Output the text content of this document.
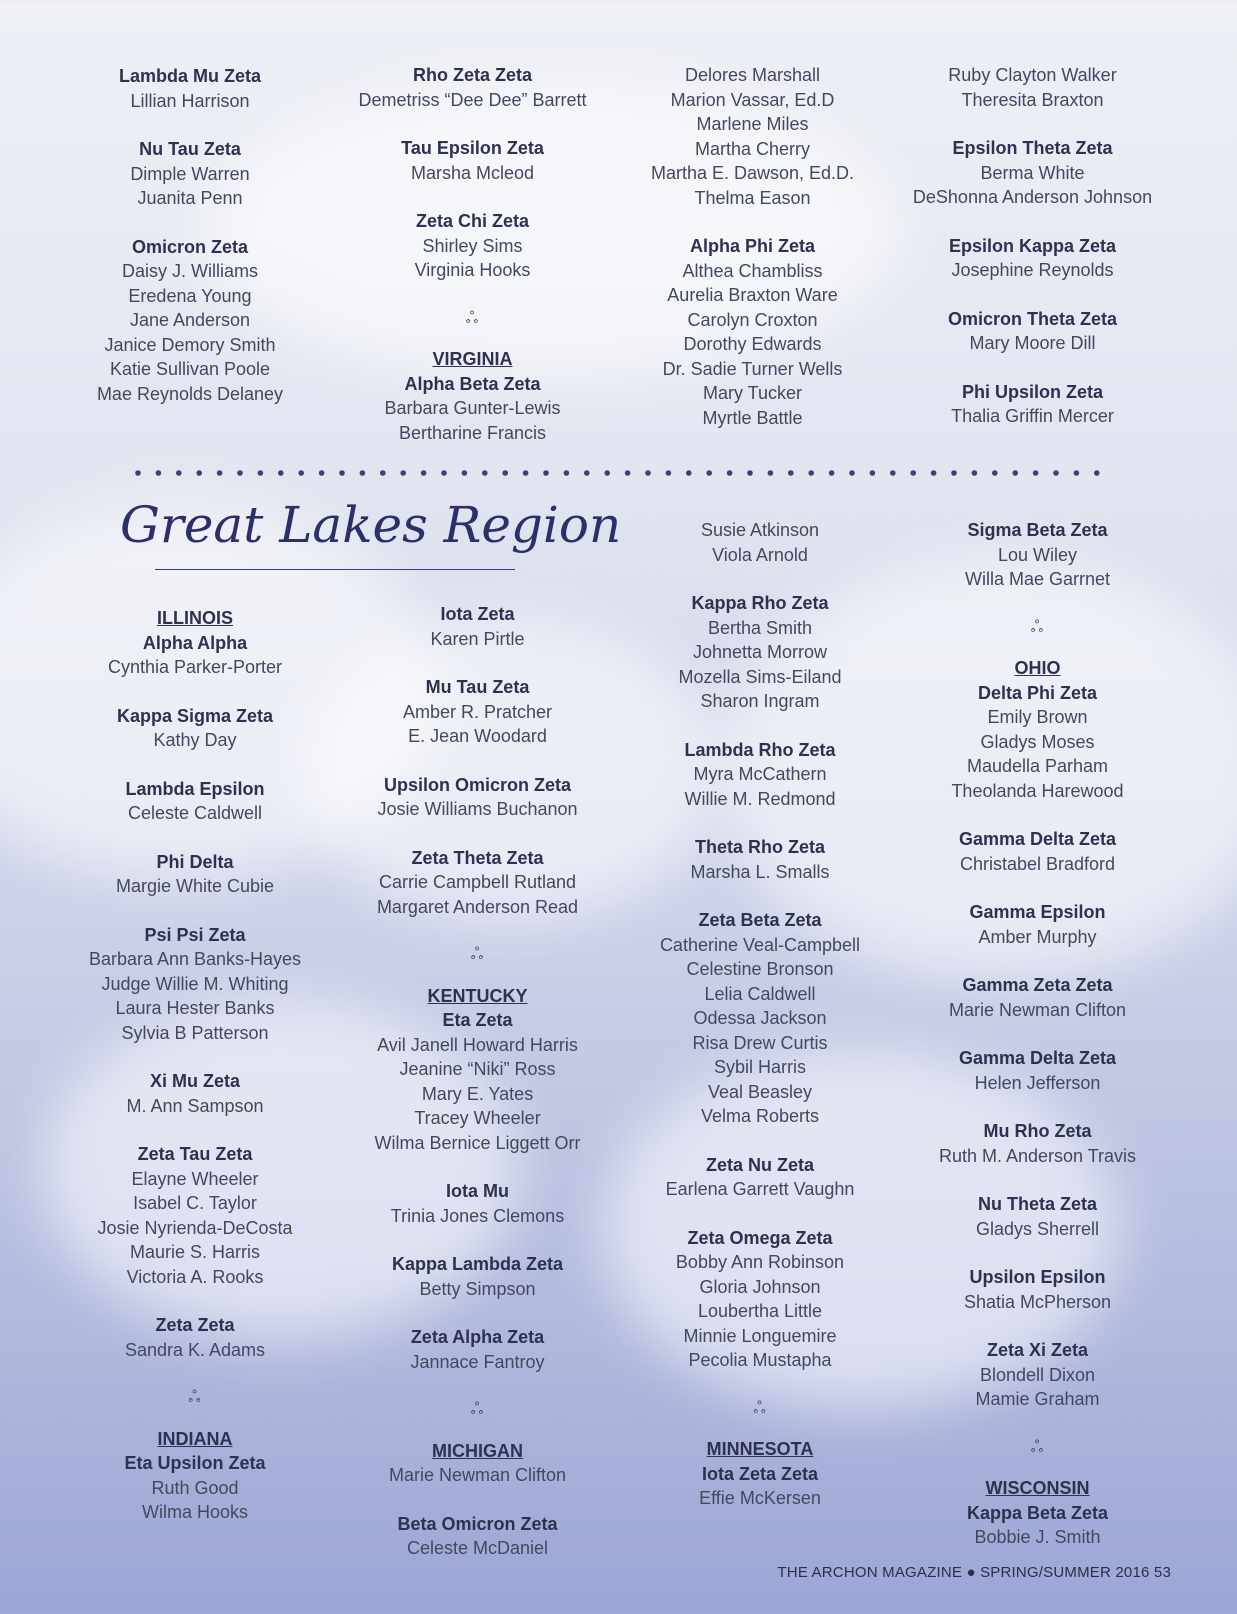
Lambda Mu Zeta
Lillian Harrison
Nu Tau Zeta
Dimple Warren
Juanita Penn
Omicron Zeta
Daisy J. Williams
Eredena Young
Jane Anderson
Janice Demory Smith
Katie Sullivan Poole
Mae Reynolds Delaney
Rho Zeta Zeta
Demetriss “Dee Dee” Barrett
Tau Epsilon Zeta
Marsha Mcleod
Zeta Chi Zeta
Shirley Sims
Virginia Hooks
ஃ
VIRGINIA
Alpha Beta Zeta
Barbara Gunter-Lewis
Bertharine Francis
Delores Marshall
Marion Vassar, Ed.D
Marlene Miles
Martha Cherry
Martha E. Dawson, Ed.D.
Thelma Eason
Alpha Phi Zeta
Althea Chambliss
Aurelia Braxton Ware
Carolyn Croxton
Dorothy Edwards
Dr. Sadie Turner Wells
Mary Tucker
Myrtle Battle
Ruby Clayton Walker
Theresita Braxton
Epsilon Theta Zeta
Berma White
DeShonna Anderson Johnson
Epsilon Kappa Zeta
Josephine Reynolds
Omicron Theta Zeta
Mary Moore Dill
Phi Upsilon Zeta
Thalia Griffin Mercer
Great Lakes Region
ILLINOIS
Alpha Alpha
Cynthia Parker-Porter
Kappa Sigma Zeta
Kathy Day
Lambda Epsilon
Celeste Caldwell
Phi Delta
Margie White Cubie
Psi Psi Zeta
Barbara Ann Banks-Hayes
Judge Willie M. Whiting
Laura Hester Banks
Sylvia B Patterson
Xi Mu Zeta
M. Ann Sampson
Zeta Tau Zeta
Elayne Wheeler
Isabel C. Taylor
Josie Nyrienda-DeCosta
Maurie S. Harris
Victoria A. Rooks
Zeta Zeta
Sandra K. Adams
ஃ
INDIANA
Eta Upsilon Zeta
Ruth Good
Wilma Hooks
Iota Zeta
Karen Pirtle
Mu Tau Zeta
Amber R. Pratcher
E. Jean Woodard
Upsilon Omicron Zeta
Josie Williams Buchanon
Zeta Theta Zeta
Carrie Campbell Rutland
Margaret Anderson Read
ஃ
KENTUCKY
Eta Zeta
Avil Janell Howard Harris
Jeanine “Niki” Ross
Mary E. Yates
Tracey Wheeler
Wilma Bernice Liggett Orr
Iota Mu
Trinia Jones Clemons
Kappa Lambda Zeta
Betty Simpson
Zeta Alpha Zeta
Jannace Fantroy
ஃ
MICHIGAN
Marie Newman Clifton
Beta Omicron Zeta
Celeste McDaniel
Susie Atkinson
Viola Arnold
Kappa Rho Zeta
Bertha Smith
Johnetta Morrow
Mozella Sims-Eiland
Sharon Ingram
Lambda Rho Zeta
Myra McCathern
Willie M. Redmond
Theta Rho Zeta
Marsha L. Smalls
Zeta Beta Zeta
Catherine Veal-Campbell
Celestine Bronson
Lelia Caldwell
Odessa Jackson
Risa Drew Curtis
Sybil Harris
Veal Beasley
Velma Roberts
Zeta Nu Zeta
Earlena Garrett Vaughn
Zeta Omega Zeta
Bobby Ann Robinson
Gloria Johnson
Loubertha Little
Minnie Longuemire
Pecolia Mustapha
ஃ
MINNESOTA
Iota Zeta Zeta
Effie McKersen
Sigma Beta Zeta
Lou Wiley
Willa Mae Garrnet
ஃ
OHIO
Delta Phi Zeta
Emily Brown
Gladys Moses
Maudella Parham
Theolanda Harewood
Gamma Delta Zeta
Christabel Bradford
Gamma Epsilon
Amber Murphy
Gamma Zeta Zeta
Marie Newman Clifton
Gamma Delta Zeta
Helen Jefferson
Mu Rho Zeta
Ruth M. Anderson Travis
Nu Theta Zeta
Gladys Sherrell
Upsilon Epsilon
Shatia McPherson
Zeta Xi Zeta
Blondell Dixon
Mamie Graham
ஃ
WISCONSIN
Kappa Beta Zeta
Bobbie J. Smith
THE ARCHON MAGAZINE ● SPRING/SUMMER 2016 53
